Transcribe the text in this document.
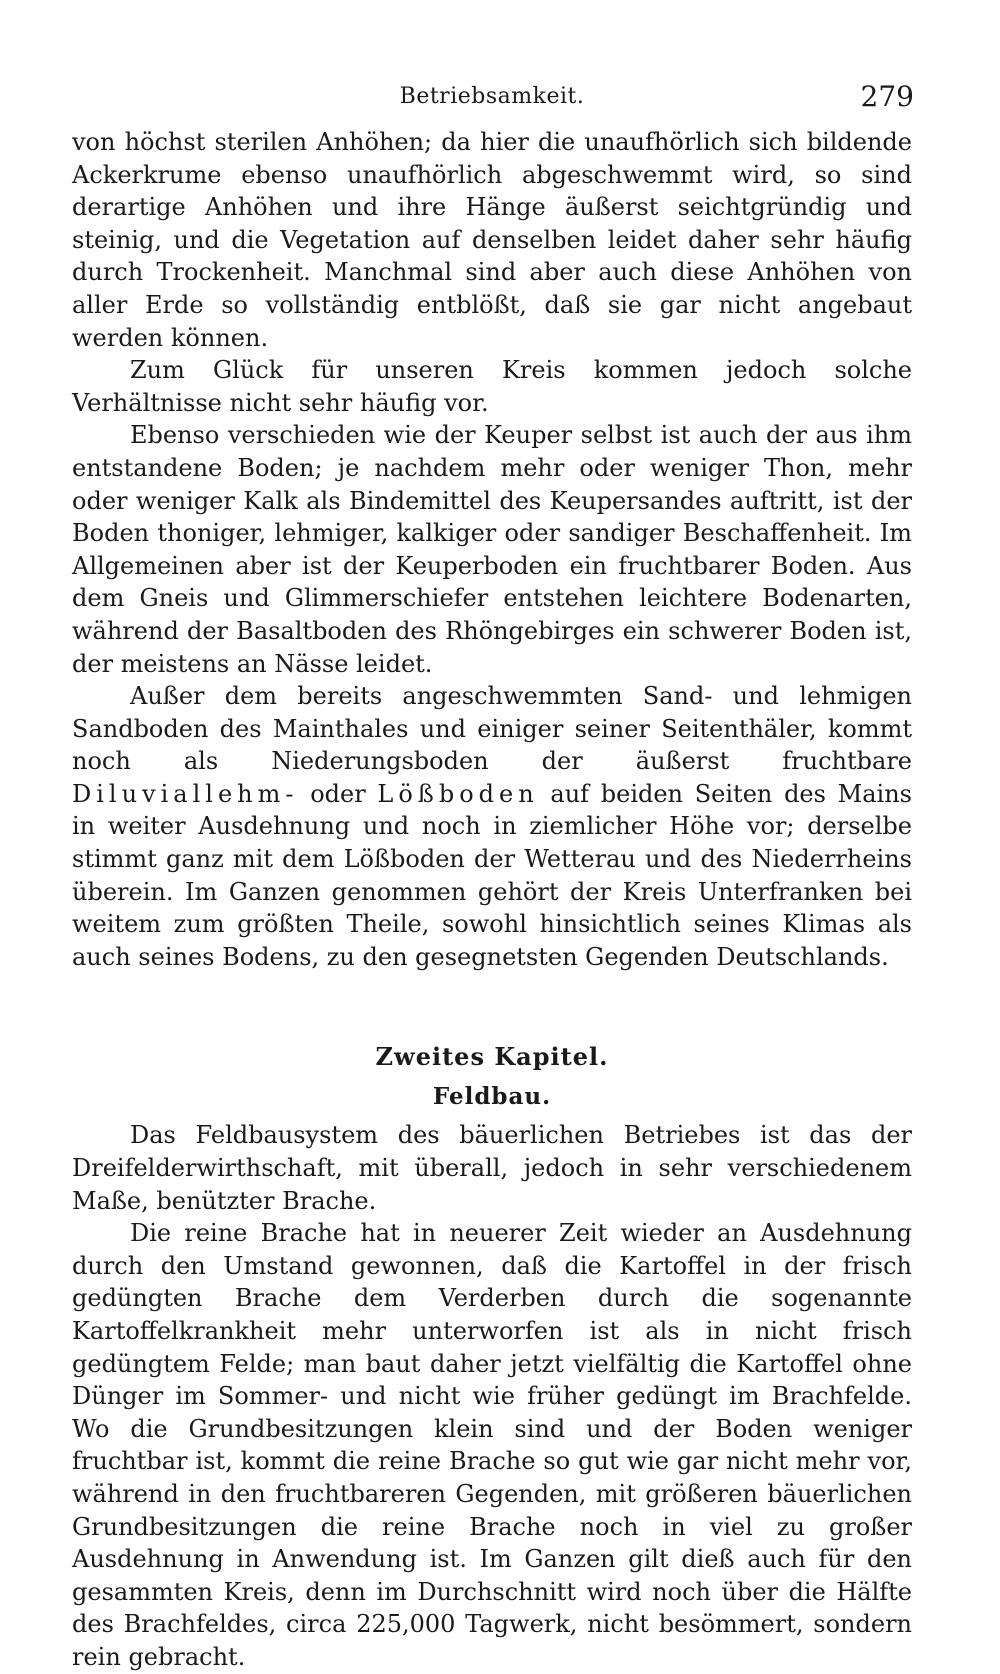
Betriebsamkeit.	279

von höchst sterilen Anhöhen; da hier die unaufhörlich sich bildende Ackerkrume ebenso unaufhörlich abgeschwemmt wird, so sind derartige Anhöhen und ihre Hänge äußerst seichtgründig und steinig, und die Vegetation auf denselben leidet daher sehr häufig durch Trockenheit. Manchmal sind aber auch diese Anhöhen von aller Erde so vollständig entblößt, daß sie gar nicht angebaut werden können.

Zum Glück für unseren Kreis kommen jedoch solche Verhältnisse nicht sehr häufig vor.

Ebenso verschieden wie der Keuper selbst ist auch der aus ihm entstandene Boden; je nachdem mehr oder weniger Thon, mehr oder weniger Kalk als Bindemittel des Keupersandes auftritt, ist der Boden thoniger, lehmiger, kalkiger oder sandiger Beschaffenheit. Im Allgemeinen aber ist der Keuperboden ein fruchtbarer Boden. Aus dem Gneis und Glimmerschiefer entstehen leichtere Bodenarten, während der Basaltboden des Rhöngebirges ein schwerer Boden ist, der meistens an Nässe leidet.

Außer dem bereits angeschwemmten Sand- und lehmigen Sandboden des Mainthales und einiger seiner Seitenthäler, kommt noch als Niederungsboden der äußerst fruchtbare Diluviallehm- oder Lößboden auf beiden Seiten des Mains in weiter Ausdehnung und noch in ziemlicher Höhe vor; derselbe stimmt ganz mit dem Lößboden der Wetterau und des Niederrheins überein. Im Ganzen genommen gehört der Kreis Unterfranken bei weitem zum größten Theile, sowohl hinsichtlich seines Klimas als auch seines Bodens, zu den gesegnetsten Gegenden Deutschlands.

Zweites Kapitel.
Feldbau.

Das Feldbausystem des bäuerlichen Betriebes ist das der Dreifelderwirthschaft, mit überall, jedoch in sehr verschiedenem Maße, benützter Brache.

Die reine Brache hat in neuerer Zeit wieder an Ausdehnung durch den Umstand gewonnen, daß die Kartoffel in der frisch gedüngten Brache dem Verderben durch die sogenannte Kartoffelkrankheit mehr unterworfen ist als in nicht frisch gedüngtem Felde; man baut daher jetzt vielfältig die Kartoffel ohne Dünger im Sommer- und nicht wie früher gedüngt im Brachfelde. Wo die Grundbesitzungen klein sind und der Boden weniger fruchtbar ist, kommt die reine Brache so gut wie gar nicht mehr vor, während in den fruchtbareren Gegenden, mit größeren bäuerlichen Grundbesitzungen die reine Brache noch in viel zu großer Ausdehnung in Anwendung ist. Im Ganzen gilt dieß auch für den gesammten Kreis, denn im Durchschnitt wird noch über die Hälfte des Brachfeldes, circa 225,000 Tagwerk, nicht besömmert, sondern rein gebracht.
